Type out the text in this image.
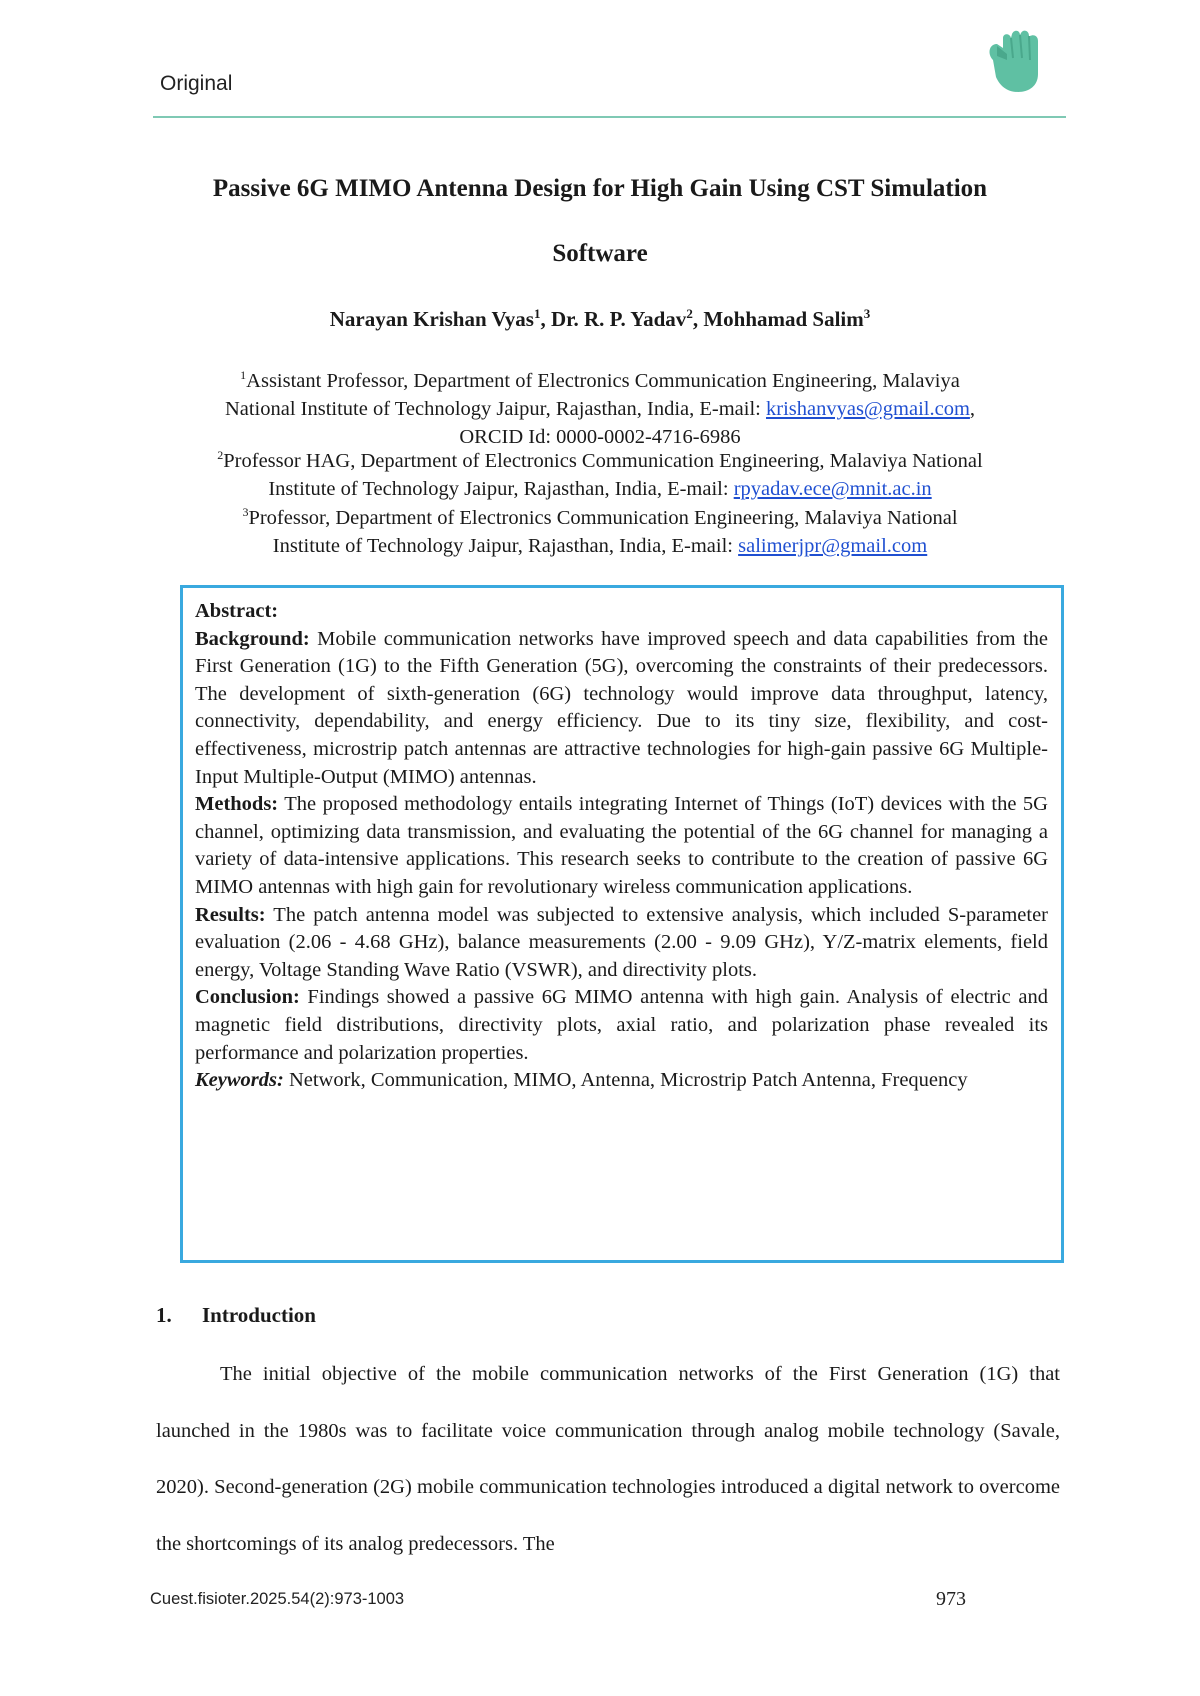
Original
Passive 6G MIMO Antenna Design for High Gain Using CST Simulation
Software
Narayan Krishan Vyas$^1$, Dr. R. P. Yadav$^2$, Mohhamad Salim$^3$
$^1$Assistant Professor, Department of Electronics Communication Engineering, Malaviya
National Institute of Technology Jaipur, Rajasthan, India, E-mail: krishanvyas@gmail.com,
ORCID Id: 0000-0002-4716-6986
$^2$Professor HAG, Department of Electronics Communication Engineering, Malaviya National
Institute of Technology Jaipur, Rajasthan, India, E-mail: rpyadav.ece@mnit.ac.in
$^3$Professor, Department of Electronics Communication Engineering, Malaviya National
Institute of Technology Jaipur, Rajasthan, India, E-mail: salimerjpr@gmail.com

Abstract:

Background: Mobile communication networks have improved speech and data capabilities from the First Generation (1G) to the Fifth Generation (5G), overcoming the constraints of their predecessors. The development of sixth-generation (6G) technology would improve data throughput, latency, connectivity, dependability, and energy efficiency. Due to its tiny size, flexibility, and cost-effectiveness, microstrip patch antennas are attractive technologies for high-gain passive 6G Multiple-Input Multiple-Output (MIMO) antennas.

Methods: The proposed methodology entails integrating Internet of Things (IoT) devices with the 5G channel, optimizing data transmission, and evaluating the potential of the 6G channel for managing a variety of data-intensive applications. This research seeks to contribute to the creation of passive 6G MIMO antennas with high gain for revolutionary wireless communication applications.

Results: The patch antenna model was subjected to extensive analysis, which included S-parameter evaluation (2.06 - 4.68 GHz), balance measurements (2.00 - 9.09 GHz), Y/Z-matrix elements, field energy, Voltage Standing Wave Ratio (VSWR), and directivity plots.

Conclusion: Findings showed a passive 6G MIMO antenna with high gain. Analysis of electric and magnetic field distributions, directivity plots, axial ratio, and polarization phase revealed its performance and polarization properties.

Keywords: Network, Communication, MIMO, Antenna, Microstrip Patch Antenna, Frequency

1. Introduction

The initial objective of the mobile communication networks of the First Generation (1G) that launched in the 1980s was to facilitate voice communication through analog mobile technology (Savale, 2020). Second-generation (2G) mobile communication technologies introduced a digital network to overcome the shortcomings of its analog predecessors. The

Cuest.fisioter.2025.54(2):973-1003	973
